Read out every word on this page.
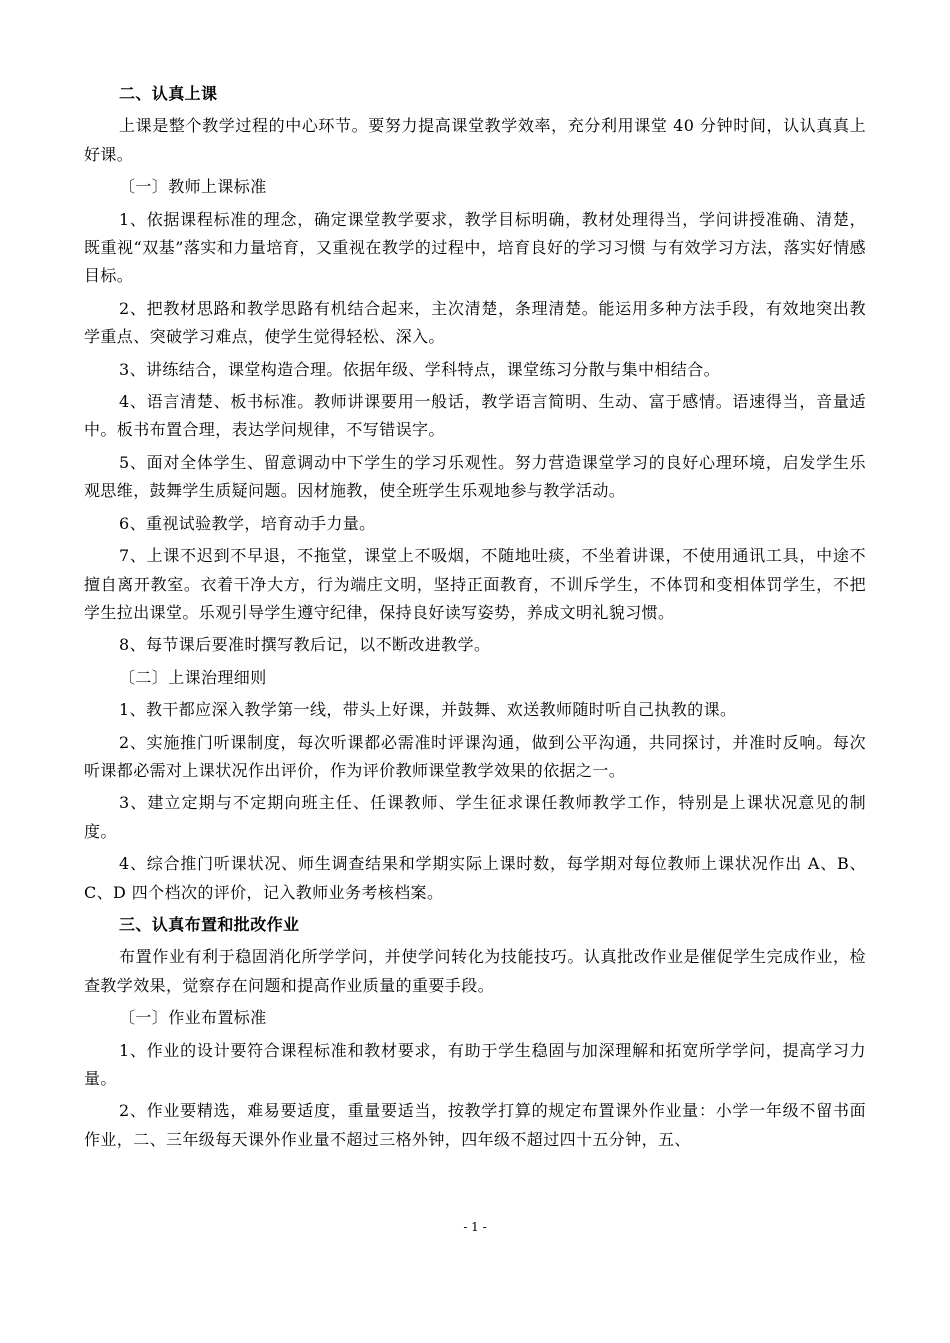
二、认真上课

上课是整个教学过程的中心环节。要努力提高课堂教学效率，充分利用课堂 40 分钟时间，认认真真上好课。

〔一〕教师上课标准

1、依据课程标准的理念，确定课堂教学要求，教学目标明确，教材处理得当，学问讲授准确、清楚，既重视“双基”落实和力量培育，又重视在教学的过程中，培育良好的学习习惯 与有效学习方法，落实好情感目标。

2、把教材思路和教学思路有机结合起来，主次清楚，条理清楚。能运用多种方法手段，有效地突出教学重点、突破学习难点，使学生觉得轻松、深入。

3、讲练结合，课堂构造合理。依据年级、学科特点，课堂练习分散与集中相结合。

4、语言清楚、板书标准。教师讲课要用一般话，教学语言简明、生动、富于感情。语速得当，音量适中。板书布置合理，表达学问规律，不写错误字。

5、面对全体学生、留意调动中下学生的学习乐观性。努力营造课堂学习的良好心理环境，启发学生乐观思维，鼓舞学生质疑问题。因材施教，使全班学生乐观地参与教学活动。

6、重视试验教学，培育动手力量。

7、上课不迟到不早退，不拖堂，课堂上不吸烟，不随地吐痰，不坐着讲课，不使用通讯工具，中途不擅自离开教室。衣着干净大方，行为端庄文明，坚持正面教育，不训斥学生，不体罚和变相体罚学生，不把学生拉出课堂。乐观引导学生遵守纪律，保持良好读写姿势，养成文明礼貌习惯。

8、每节课后要准时撰写教后记，以不断改进教学。

〔二〕上课治理细则

1、教干都应深入教学第一线，带头上好课，并鼓舞、欢送教师随时听自己执教的课。

2、实施推门听课制度，每次听课都必需准时评课沟通，做到公平沟通，共同探讨，并准时反响。每次听课都必需对上课状况作出评价，作为评价教师课堂教学效果的依据之一。

3、建立定期与不定期向班主任、任课教师、学生征求课任教师教学工作，特别是上课状况意见的制度。

4、综合推门听课状况、师生调查结果和学期实际上课时数，每学期对每位教师上课状况作出 A、B、C、D 四个档次的评价，记入教师业务考核档案。

三、认真布置和批改作业

布置作业有利于稳固消化所学学问，并使学问转化为技能技巧。认真批改作业是催促学生完成作业，检查教学效果，觉察存在问题和提高作业质量的重要手段。

〔一〕作业布置标准

1、作业的设计要符合课程标准和教材要求，有助于学生稳固与加深理解和拓宽所学学问，提高学习力量。

2、作业要精选，难易要适度，重量要适当，按教学打算的规定布置课外作业量：小学一年级不留书面作业，二、三年级每天课外作业量不超过三格外钟，四年级不超过四十五分钟，五、

- 1 -
